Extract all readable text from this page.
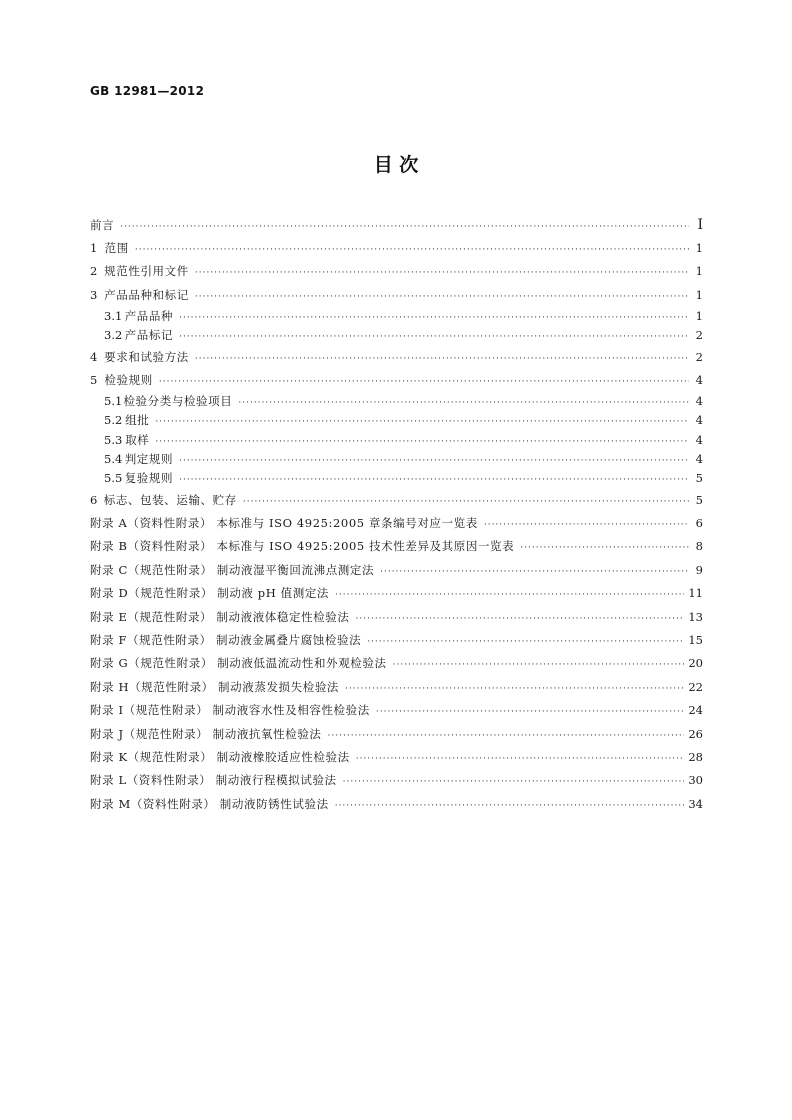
GB 12981—2012
目 次
前言 ·····	Ⅰ
1 范围 ·····	1
2 规范性引用文件 ·····	1
3 产品品种和标记 ·····	1
3.1 产品品种 ·····	1
3.2 产品标记 ·····	2
4 要求和试验方法 ·····	2
5 检验规则 ·····	4
5.1 检验分类与检验项目 ·····	4
5.2 组批 ·····	4
5.3 取样 ·····	4
5.4 判定规则 ·····	4
5.5 复验规则 ·····	5
6 标志、包装、运输、贮存 ·····	5
附录 A（资料性附录） 本标准与 ISO 4925:2005 章条编号对应一览表 ·····	6
附录 B（资料性附录） 本标准与 ISO 4925:2005 技术性差异及其原因一览表 ·····	8
附录 C（规范性附录） 制动液湿平衡回流沸点测定法 ·····	9
附录 D（规范性附录） 制动液 pH 值测定法 ·····	11
附录 E（规范性附录） 制动液液体稳定性检验法 ·····	13
附录 F（规范性附录） 制动液金属叠片腐蚀检验法 ·····	15
附录 G（规范性附录） 制动液低温流动性和外观检验法 ·····	20
附录 H（规范性附录） 制动液蒸发损失检验法 ·····	22
附录 I（规范性附录） 制动液容水性及相容性检验法 ·····	24
附录 J（规范性附录） 制动液抗氧性检验法 ·····	26
附录 K（规范性附录） 制动液橡胶适应性检验法 ·····	28
附录 L（资料性附录） 制动液行程模拟试验法 ·····	30
附录 M（资料性附录） 制动液防锈性试验法 ·····	34
